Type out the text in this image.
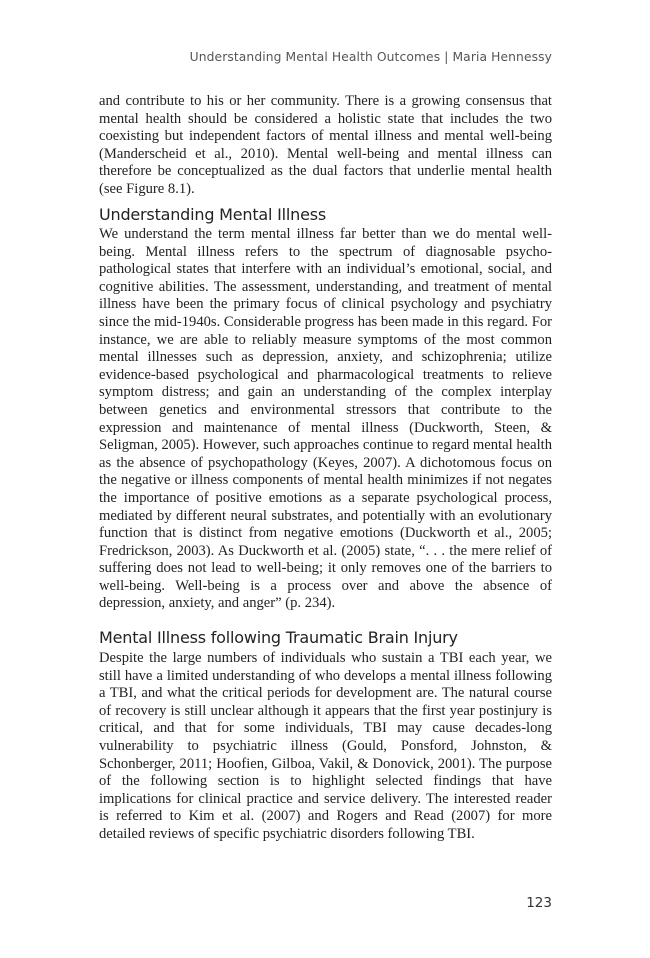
Understanding Mental Health Outcomes | Maria Hennessy

and contribute to his or her community. There is a growing consensus that mental health should be considered a holistic state that includes the two coexisting but independent factors of mental illness and mental well-being (Manderscheid et al., 2010). Mental well-being and mental illness can therefore be conceptualized as the dual factors that underlie mental health (see Figure 8.1).

Understanding Mental Illness

We understand the term mental illness far better than we do mental well-being. Mental illness refers to the spectrum of diagnosable psychopathological states that interfere with an individual’s emotional, social, and cognitive abilities. The assessment, understanding, and treatment of mental illness have been the primary focus of clinical psychology and psychiatry since the mid-1940s. Considerable progress has been made in this regard. For instance, we are able to reliably measure symptoms of the most common mental illnesses such as depression, anxiety, and schizophrenia; utilize evidence-based psychological and pharmacological treatments to relieve symptom distress; and gain an understanding of the complex interplay between genetics and environmental stressors that contribute to the expression and maintenance of mental illness (Duckworth, Steen, & Seligman, 2005). However, such approaches continue to regard mental health as the absence of psychopathology (Keyes, 2007). A dichotomous focus on the negative or illness components of mental health minimizes if not negates the importance of positive emotions as a separate psychological process, mediated by different neural substrates, and potentially with an evolutionary function that is distinct from negative emotions (Duckworth et al., 2005; Fredrickson, 2003). As Duckworth et al. (2005) state, “. . . the mere relief of suffering does not lead to well-being; it only removes one of the barriers to well-being. Well-being is a process over and above the absence of depression, anxiety, and anger” (p. 234).

Mental Illness following Traumatic Brain Injury

Despite the large numbers of individuals who sustain a TBI each year, we still have a limited understanding of who develops a mental illness following a TBI, and what the critical periods for development are. The natural course of recovery is still unclear although it appears that the first year postinjury is critical, and that for some individuals, TBI may cause decades-long vulnerability to psychiatric illness (Gould, Ponsford, Johnston, & Schonberger, 2011; Hoofien, Gilboa, Vakil, & Donovick, 2001). The purpose of the following section is to highlight selected findings that have implications for clinical practice and service delivery. The interested reader is referred to Kim et al. (2007) and Rogers and Read (2007) for more detailed reviews of specific psychiatric disorders following TBI.

123
